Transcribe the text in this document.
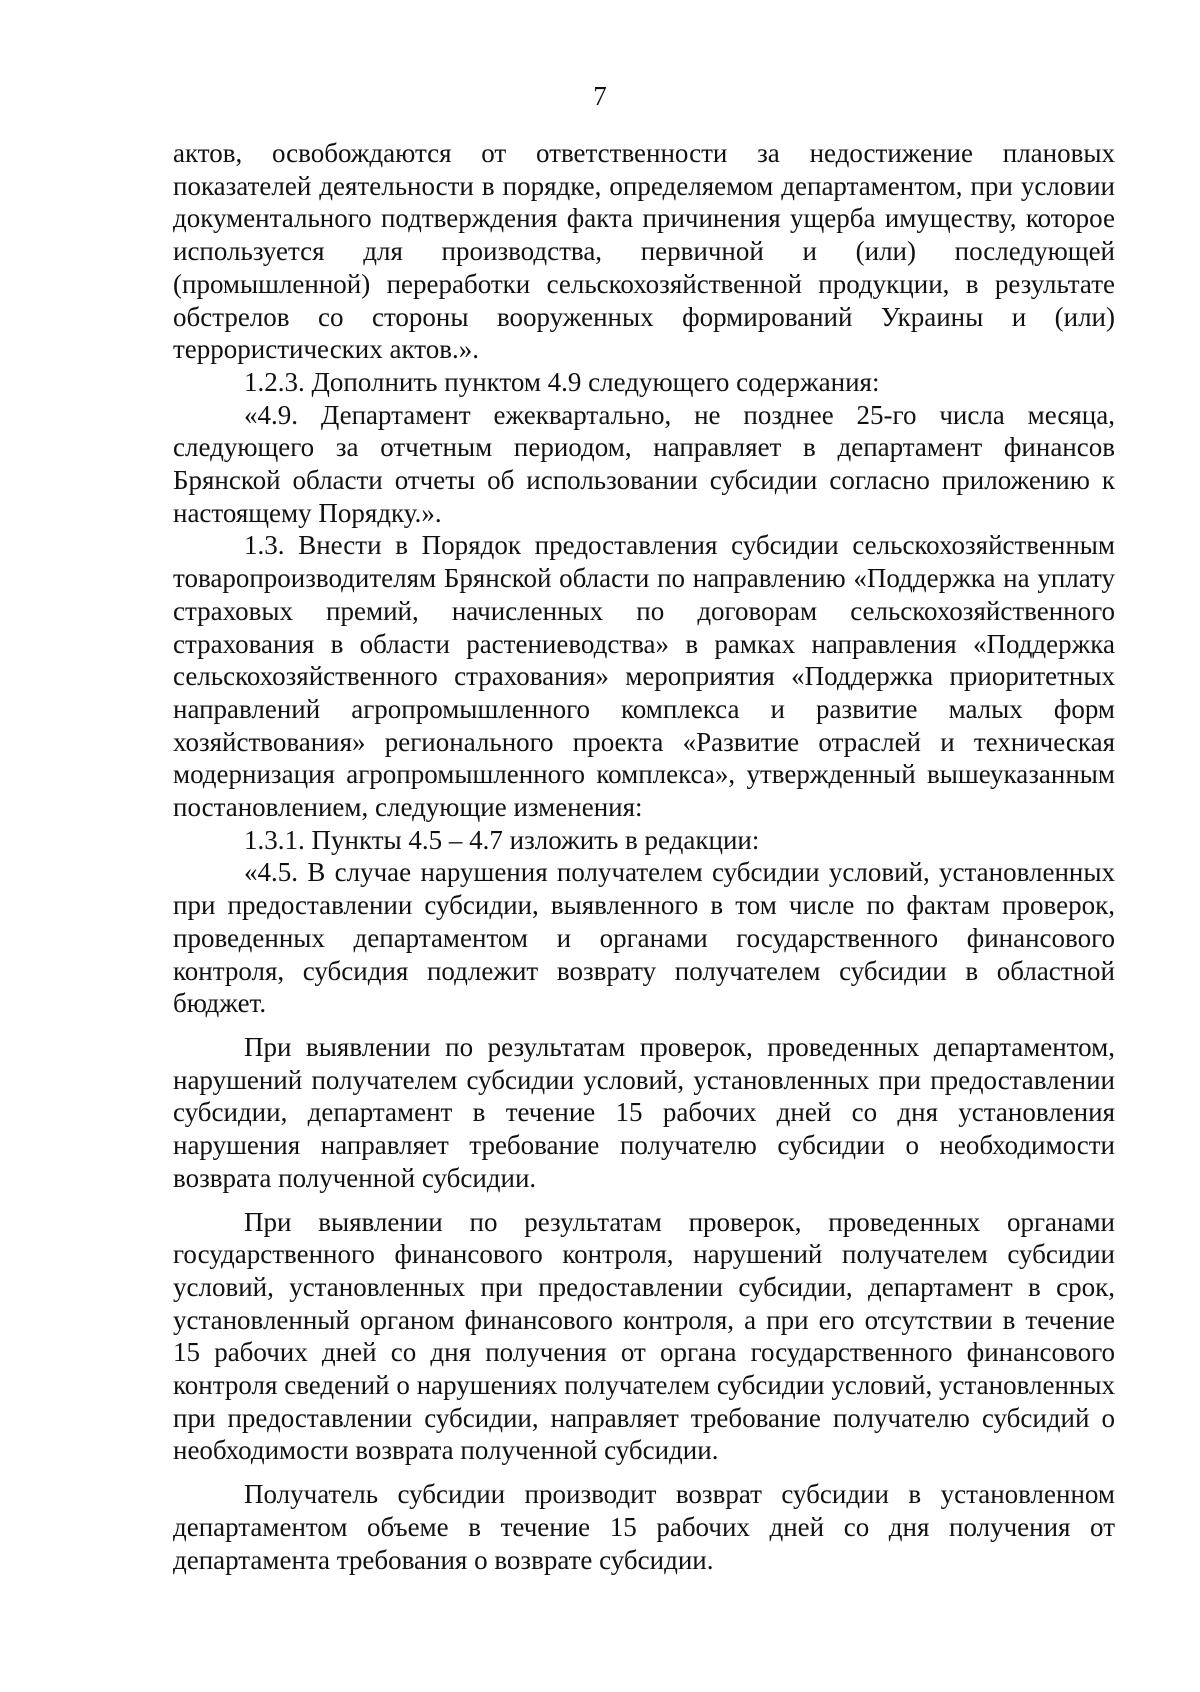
7

актов, освобождаются от ответственности за недостижение плановых показателей деятельности в порядке, определяемом департаментом, при условии документального подтверждения факта причинения ущерба имуществу, которое используется для производства, первичной и (или) последующей (промышленной) переработки сельскохозяйственной продукции, в результате обстрелов со стороны вооруженных формирований Украины и (или) террористических актов.».

1.2.3. Дополнить пунктом 4.9 следующего содержания:

«4.9. Департамент ежеквартально, не позднее 25-го числа месяца, следующего за отчетным периодом, направляет в департамент финансов Брянской области отчеты об использовании субсидии согласно приложению к настоящему Порядку.».

1.3. Внести в Порядок предоставления субсидии сельскохозяйственным товаропроизводителям Брянской области по направлению «Поддержка на уплату страховых премий, начисленных по договорам сельскохозяйственного страхования в области растениеводства» в рамках направления «Поддержка сельскохозяйственного страхования» мероприятия «Поддержка приоритетных направлений агропромышленного комплекса и развитие малых форм хозяйствования» регионального проекта «Развитие отраслей и техническая модернизация агропромышленного комплекса», утвержденный вышеуказанным постановлением, следующие изменения:

1.3.1. Пункты 4.5 – 4.7 изложить в редакции:

«4.5. В случае нарушения получателем субсидии условий, установленных при предоставлении субсидии, выявленного в том числе по фактам проверок, проведенных департаментом и органами государственного финансового контроля, субсидия подлежит возврату получателем субсидии в областной бюджет.

При выявлении по результатам проверок, проведенных департаментом, нарушений получателем субсидии условий, установленных при предоставлении субсидии, департамент в течение 15 рабочих дней со дня установления нарушения направляет требование получателю субсидии о необходимости возврата полученной субсидии.

При выявлении по результатам проверок, проведенных органами государственного финансового контроля, нарушений получателем субсидии условий, установленных при предоставлении субсидии, департамент в срок, установленный органом финансового контроля, а при его отсутствии в течение 15 рабочих дней со дня получения от органа государственного финансового контроля сведений о нарушениях получателем субсидии условий, установленных при предоставлении субсидии, направляет требование получателю субсидий о необходимости возврата полученной субсидии.

Получатель субсидии производит возврат субсидии в установленном департаментом объеме в течение 15 рабочих дней со дня получения от департамента требования о возврате субсидии.
